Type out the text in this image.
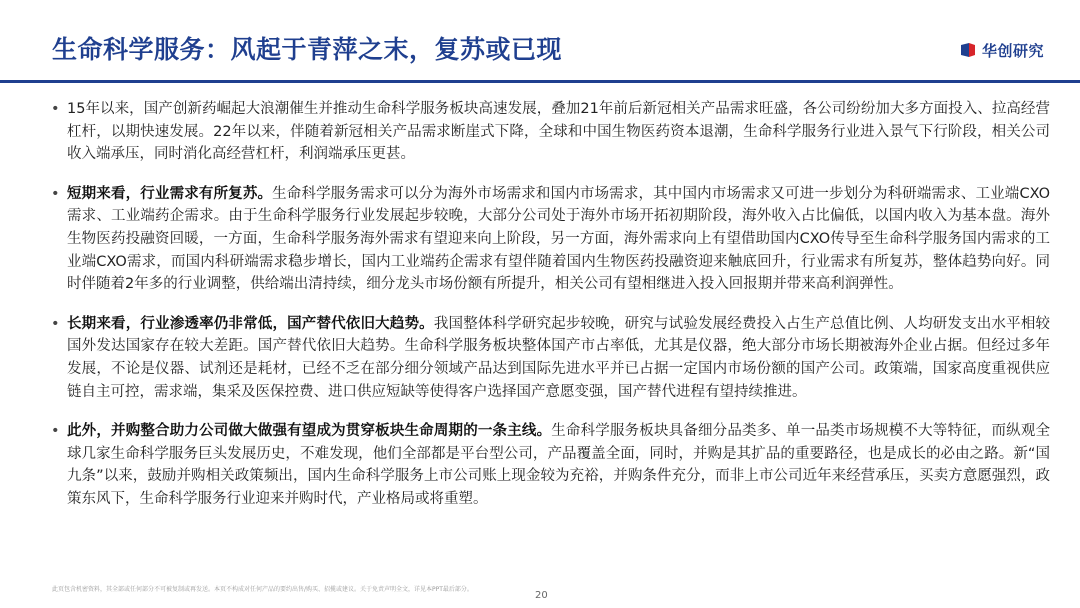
生命科学服务：风起于青萍之末，复苏或已现	华创研究
• 15年以来，国产创新药崛起大浪潮催生并推动生命科学服务板块高速发展，叠加21年前后新冠相关产品需求旺盛，各公司纷纷加大多方面投入、拉高经营杠杆，以期快速发展。22年以来，伴随着新冠相关产品需求断崖式下降，全球和中国生物医药资本退潮，生命科学服务行业进入景气下行阶段，相关公司收入端承压，同时消化高经营杠杆，利润端承压更甚。
• 短期来看，行业需求有所复苏。生命科学服务需求可以分为海外市场需求和国内市场需求，其中国内市场需求又可进一步划分为科研端需求、工业端CXO需求、工业端药企需求。由于生命科学服务行业发展起步较晚，大部分公司处于海外市场开拓初期阶段，海外收入占比偏低，以国内收入为基本盘。海外生物医药投融资回暖，一方面，生命科学服务海外需求有望迎来向上阶段，另一方面，海外需求向上有望借助国内CXO传导至生命科学服务国内需求的工业端CXO需求，而国内科研端需求稳步增长，国内工业端药企需求有望伴随着国内生物医药投融资迎来触底回升，行业需求有所复苏，整体趋势向好。同时伴随着2年多的行业调整，供给端出清持续，细分龙头市场份额有所提升，相关公司有望相继进入投入回报期并带来高利润弹性。
• 长期来看，行业渗透率仍非常低，国产替代依旧大趋势。我国整体科学研究起步较晚，研究与试验发展经费投入占生产总值比例、人均研发支出水平相较国外发达国家存在较大差距。国产替代依旧大趋势。生命科学服务板块整体国产市占率低，尤其是仪器，绝大部分市场长期被海外企业占据。但经过多年发展，不论是仪器、试剂还是耗材，已经不乏在部分细分领域产品达到国际先进水平并已占据一定国内市场份额的国产公司。政策端，国家高度重视供应链自主可控，需求端，集采及医保控费、进口供应短缺等使得客户选择国产意愿变强，国产替代进程有望持续推进。
• 此外，并购整合助力公司做大做强有望成为贯穿板块生命周期的一条主线。生命科学服务板块具备细分品类多、单一品类市场规模不大等特征，而纵观全球几家生命科学服务巨头发展历史，不难发现，他们全部都是平台型公司，产品覆盖全面，同时，并购是其扩品的重要路径，也是成长的必由之路。新“国九条”以来，鼓励并购相关政策频出，国内生命科学服务上市公司账上现金较为充裕，并购条件充分，而非上市公司近年来经营承压，买卖方意愿强烈，政策东风下，生命科学服务行业迎来并购时代，产业格局或将重塑。
此页包含机密资料，其全部或任何部分不可被复制或再发送。本页不构成对任何产品的要约出售/购买、招揽或建议。关于免责声明全文，详见本PPT最后部分。
20
